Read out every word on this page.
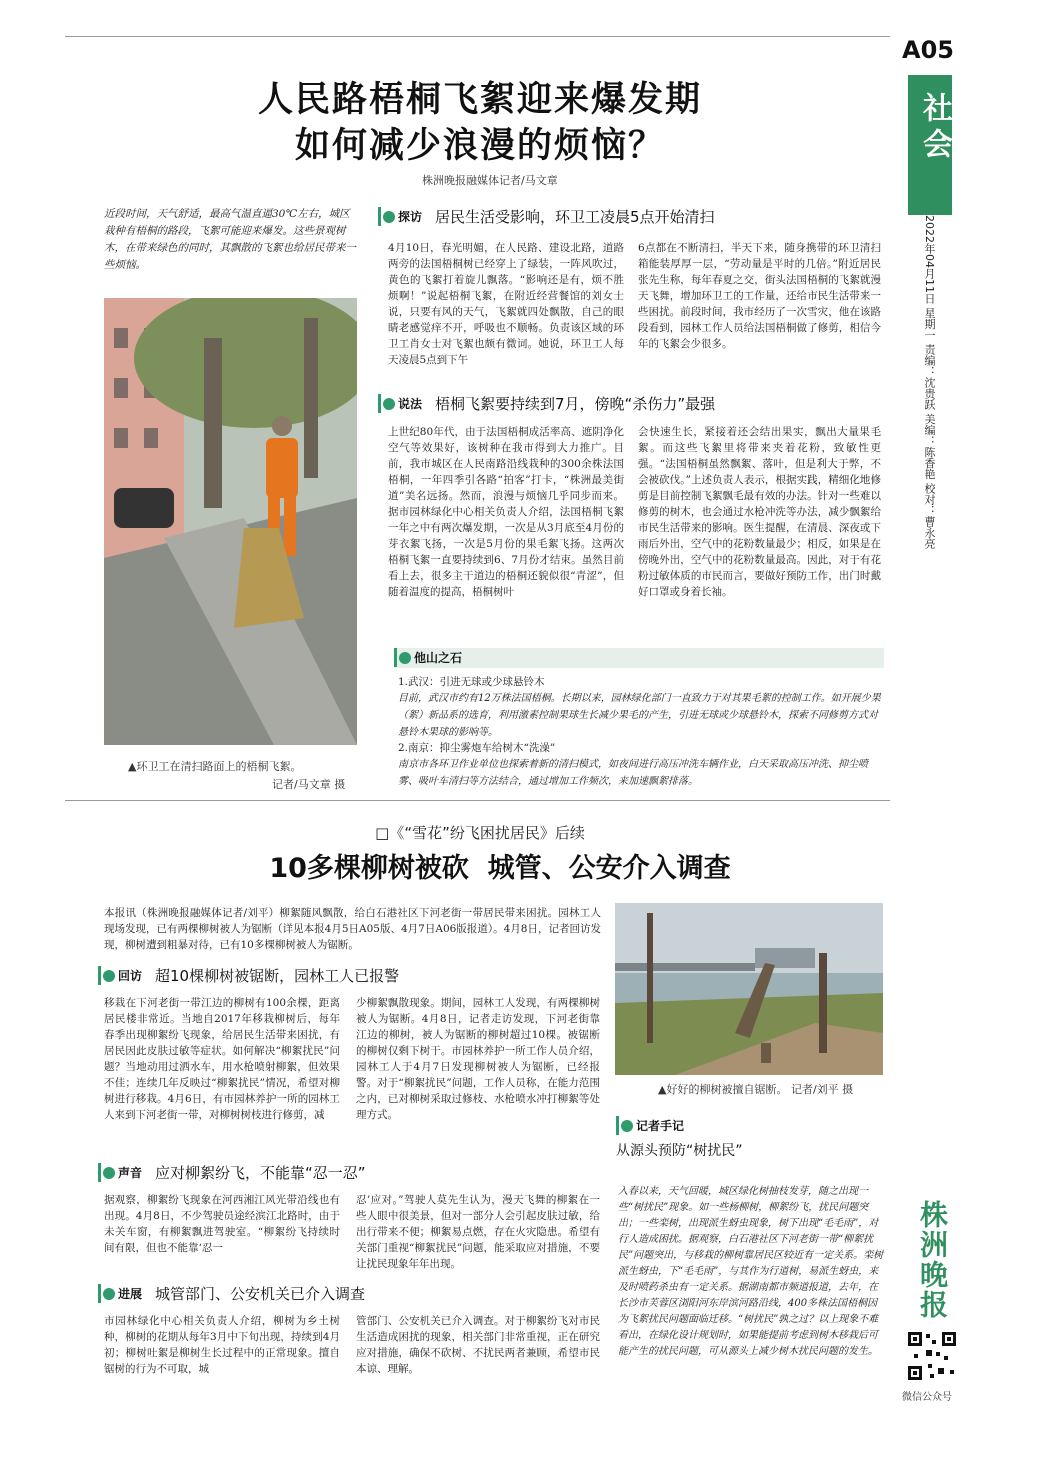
A05
社会
2022年04月11日 星期一 责编：沈贵跃 美编：陈香艳 校对：曹永亮
人民路梧桐飞絮迎来爆发期
如何减少浪漫的烦恼？
株洲晚报融媒体记者/马文章
近段时间，天气舒适，最高气温直逼30℃左右，城区栽种有梧桐的路段，飞絮可能迎来爆发。这些景观树木，在带来绿色的同时，其飘散的飞絮也给居民带来一些烦恼。
▲环卫工在清扫路面上的梧桐飞絮。
记者/马文章 摄
探访 居民生活受影响，环卫工凌晨5点开始清扫
4月10日，春光明媚，在人民路、建设北路，道路两旁的法国梧桐树已经穿上了绿装，一阵风吹过，黄色的飞絮打着旋儿飘落。“影响还是有，烦不胜烦啊！”说起梧桐飞絮，在附近经营餐馆的刘女士说，只要有风的天气，飞絮就四处飘散，自己的眼睛老感觉痒不开，呼吸也不顺畅。负责该区域的环卫工肖女士对飞絮也颇有微词。她说，环卫工人每天凌晨5点到下午
6点都在不断清扫，半天下来，随身携带的环卫清扫箱能装厚厚一层，“劳动量是平时的几倍。”附近居民张先生称，每年春夏之交，街头法国梧桐的飞絮就漫天飞舞，增加环卫工的工作量，还给市民生活带来一些困扰。前段时间，我市经历了一次雪灾，他在该路段看到，园林工作人员给法国梧桐做了修剪，相信今年的飞絮会少很多。
说法 梧桐飞絮要持续到7月，傍晚“杀伤力”最强
上世纪80年代，由于法国梧桐成活率高、遮阴净化空气等效果好，该树种在我市得到大力推广。目前，我市城区在人民南路沿线栽种的300余株法国梧桐，一年四季引各路“拍客”打卡，“株洲最美街道”美名远扬。然而，浪漫与烦恼几乎同步而来。据市园林绿化中心相关负责人介绍，法国梧桐飞絮一年之中有两次爆发期，一次是从3月底至4月份的芽衣絮飞扬，一次是5月份的果毛絮飞扬。这两次梧桐飞絮一直要持续到6、7月份才结束。虽然目前看上去，很多主干道边的梧桐还貌似很“青涩”，但随着温度的提高，梧桐树叶
会快速生长，紧接着还会结出果实，飘出大量果毛絮。而这些飞絮里将带来夹着花粉，致敏性更强。“法国梧桐虽然飘絮、落叶，但是利大于弊，不会被砍伐。”上述负责人表示，根据实践，精细化地修剪是目前控制飞絮飘毛最有效的办法。针对一些难以修剪的树木，也会通过水枪冲洗等办法，减少飘絮给市民生活带来的影响。医生提醒，在清晨、深夜或下雨后外出，空气中的花粉数量最少；相反，如果是在傍晚外出，空气中的花粉数量最高。因此，对于有花粉过敏体质的市民而言，要做好预防工作，出门时戴好口罩或身着长袖。
他山之石
1.武汉：引进无球或少球悬铃木
目前，武汉市约有12万株法国梧桐。长期以来，园林绿化部门一直致力于对其果毛絮的控制工作。如开展少果（絮）新品系的选育，利用激素控制果球生长减少果毛的产生，引进无球或少球悬铃木，探索不同修剪方式对悬铃木果球的影响等。
2.南京：抑尘雾炮车给树木“洗澡”
南京市各环卫作业单位也探索着新的清扫模式，如夜间进行高压冲洗车辆作业，白天采取高压冲洗、抑尘喷雾、吸叶车清扫等方法结合，通过增加工作频次，来加速飘絮排落。
□《“雪花”纷飞困扰居民》后续
10多棵柳树被砍  城管、公安介入调查
本报讯（株洲晚报融媒体记者/刘平）柳絮随风飘散，给白石港社区下河老街一带居民带来困扰。园林工人现场发现，已有两棵柳树被人为锯断（详见本报4月5日A05版、4月7日A06版报道）。4月8日，记者回访发现，柳树遭到粗暴对待，已有10多棵柳树被人为锯断。
▲好好的柳树被擅自锯断。 记者/刘平 摄
回访 超10棵柳树被锯断，园林工人已报警
移栽在下河老街一带江边的柳树有100余棵，距离居民楼非常近。当地自2017年移栽柳树后，每年春季出现柳絮纷飞现象，给居民生活带来困扰，有居民因此皮肤过敏等症状。如何解决“柳絮扰民”问题？当地动用过洒水车，用水枪喷射柳絮，但效果不佳；连续几年反映过“柳絮扰民”情况，希望对柳树进行移栽。4月6日，有市园林养护一所的园林工人来到下河老街一带，对柳树树枝进行修剪，减
少柳絮飘散现象。期间，园林工人发现，有两棵柳树被人为锯断。4月8日，记者走访发现，下河老街靠江边的柳树，被人为锯断的柳树超过10棵。被锯断的柳树仅剩下树干。市园林养护一所工作人员介绍，园林工人于4月7日发现柳树被人为锯断，已经报警。对于“柳絮扰民”问题，工作人员称，在能力范围之内，已对柳树采取过修枝、水枪喷水冲打柳絮等处理方式。
声音 应对柳絮纷飞，不能靠“忍一忍”
据观察，柳絮纷飞现象在河西湘江风光带沿线也有出现。4月8日，不少驾驶员途经滨江北路时，由于未关车窗，有柳絮飘进驾驶室。“柳絮纷飞持续时间有限，但也不能靠‘忍一
忍’应对。”驾驶人莫先生认为，漫天飞舞的柳絮在一些人眼中很美景，但对一部分人会引起皮肤过敏，给出行带来不便；柳絮易点燃，存在火灾隐患。希望有关部门重视“柳絮扰民”问题，能采取应对措施，不要让扰民现象年年出现。
进展 城管部门、公安机关已介入调查
市园林绿化中心相关负责人介绍，柳树为乡土树种，柳树的花期从每年3月中下旬出现，持续到4月初；柳树吐絮是柳树生长过程中的正常现象。擅自锯树的行为不可取，城
管部门、公安机关已介入调查。对于柳絮纷飞对市民生活造成困扰的现象，相关部门非常重视，正在研究应对措施，确保不砍树、不扰民两者兼顾，希望市民本谅、理解。
记者手记
从源头预防“树扰民”
入春以来，天气回暖，城区绿化树抽枝发芽，随之出现一些“树扰民”现象。如一些杨柳树，柳絮纷飞，扰民问题突出；一些栾树，出现派生蚜虫现象，树下出现“毛毛雨”，对行人造成困扰。据观察，白石港社区下河老街一带“柳絮扰民”问题突出，与移栽的柳树靠居民区较近有一定关系。栾树派生蚜虫，下“毛毛雨”，与其作为行道树，易派生蚜虫，来及时喷药杀虫有一定关系。据湖南都市频道报道，去年，在长沙市芙蓉区浏阳河东岸滨河路沿线，400多株法国梧桐因为飞絮扰民问题面临迁移。“树扰民”孰之过？以上现象不难看出，在绿化设计规划时，如果能提前考虑到树木移栽后可能产生的扰民问题，可从源头上减少树木扰民问题的发生。
株洲晚报
微信公众号
